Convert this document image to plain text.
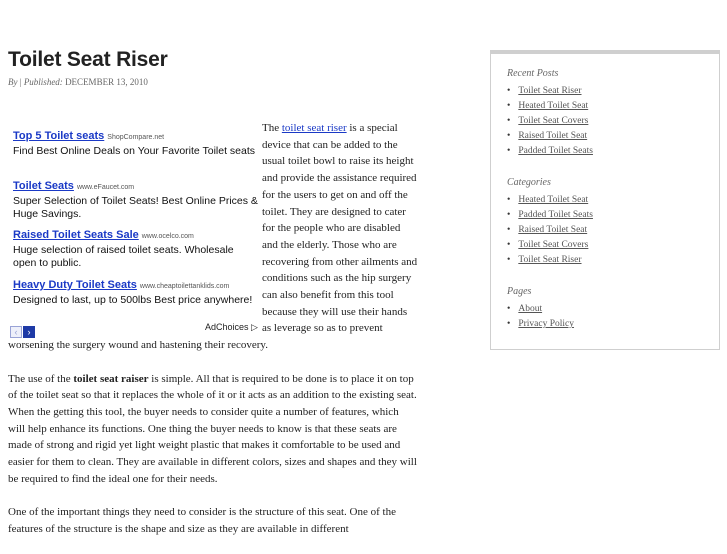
Toilet Seat Riser
By | Published: DECEMBER 13, 2010

The toilet seat riser is a special device that can be added to the usual toilet bowl to raise its height and provide the assistance required for the users to get on and off the toilet. They are designed to cater for the people who are disabled and the elderly. Those who are recovering from other ailments and conditions such as the hip surgery can also benefit from this tool because they will use their hands as leverage so as to prevent worsening the surgery wound and hastening their recovery.

The use of the toilet seat raiser is simple. All that is required to be done is to place it on top of the toilet seat so that it replaces the whole of it or it acts as an addition to the existing seat. When the getting this tool, the buyer needs to consider quite a number of features, which will help enhance its functions. One thing the buyer needs to know is that these seats are made of strong and rigid yet light weight plastic that makes it comfortable to be used and easier for them to clean. They are available in different colors, sizes and shapes and they will be required to find the ideal one for their needs.

One of the important things they need to consider is the structure of this seat. One of the features of the structure is the shape and size as they are available in different

Top 5 Toilet seats ShopCompare.net
Find Best Online Deals on Your Favorite Toilet seats
Toilet Seats www.eFaucet.com
Super Selection of Toilet Seats! Best Online Prices & Huge Savings.
Raised Toilet Seats Sale www.ocelco.com
Huge selection of raised toilet seats. Wholesale open to public.
Heavy Duty Toilet Seats www.cheaptoilettanklids.com
Designed to last, up to 500lbs Best price anywhere!
‹ ›	AdChoices ▷
Recent Posts
• Toilet Seat Riser
• Heated Toilet Seat
• Toilet Seat Covers
• Raised Toilet Seat
• Padded Toilet Seats
Categories
• Heated Toilet Seat
• Padded Toilet Seats
• Raised Toilet Seat
• Toilet Seat Covers
• Toilet Seat Riser
Pages
• About
• Privacy Policy
